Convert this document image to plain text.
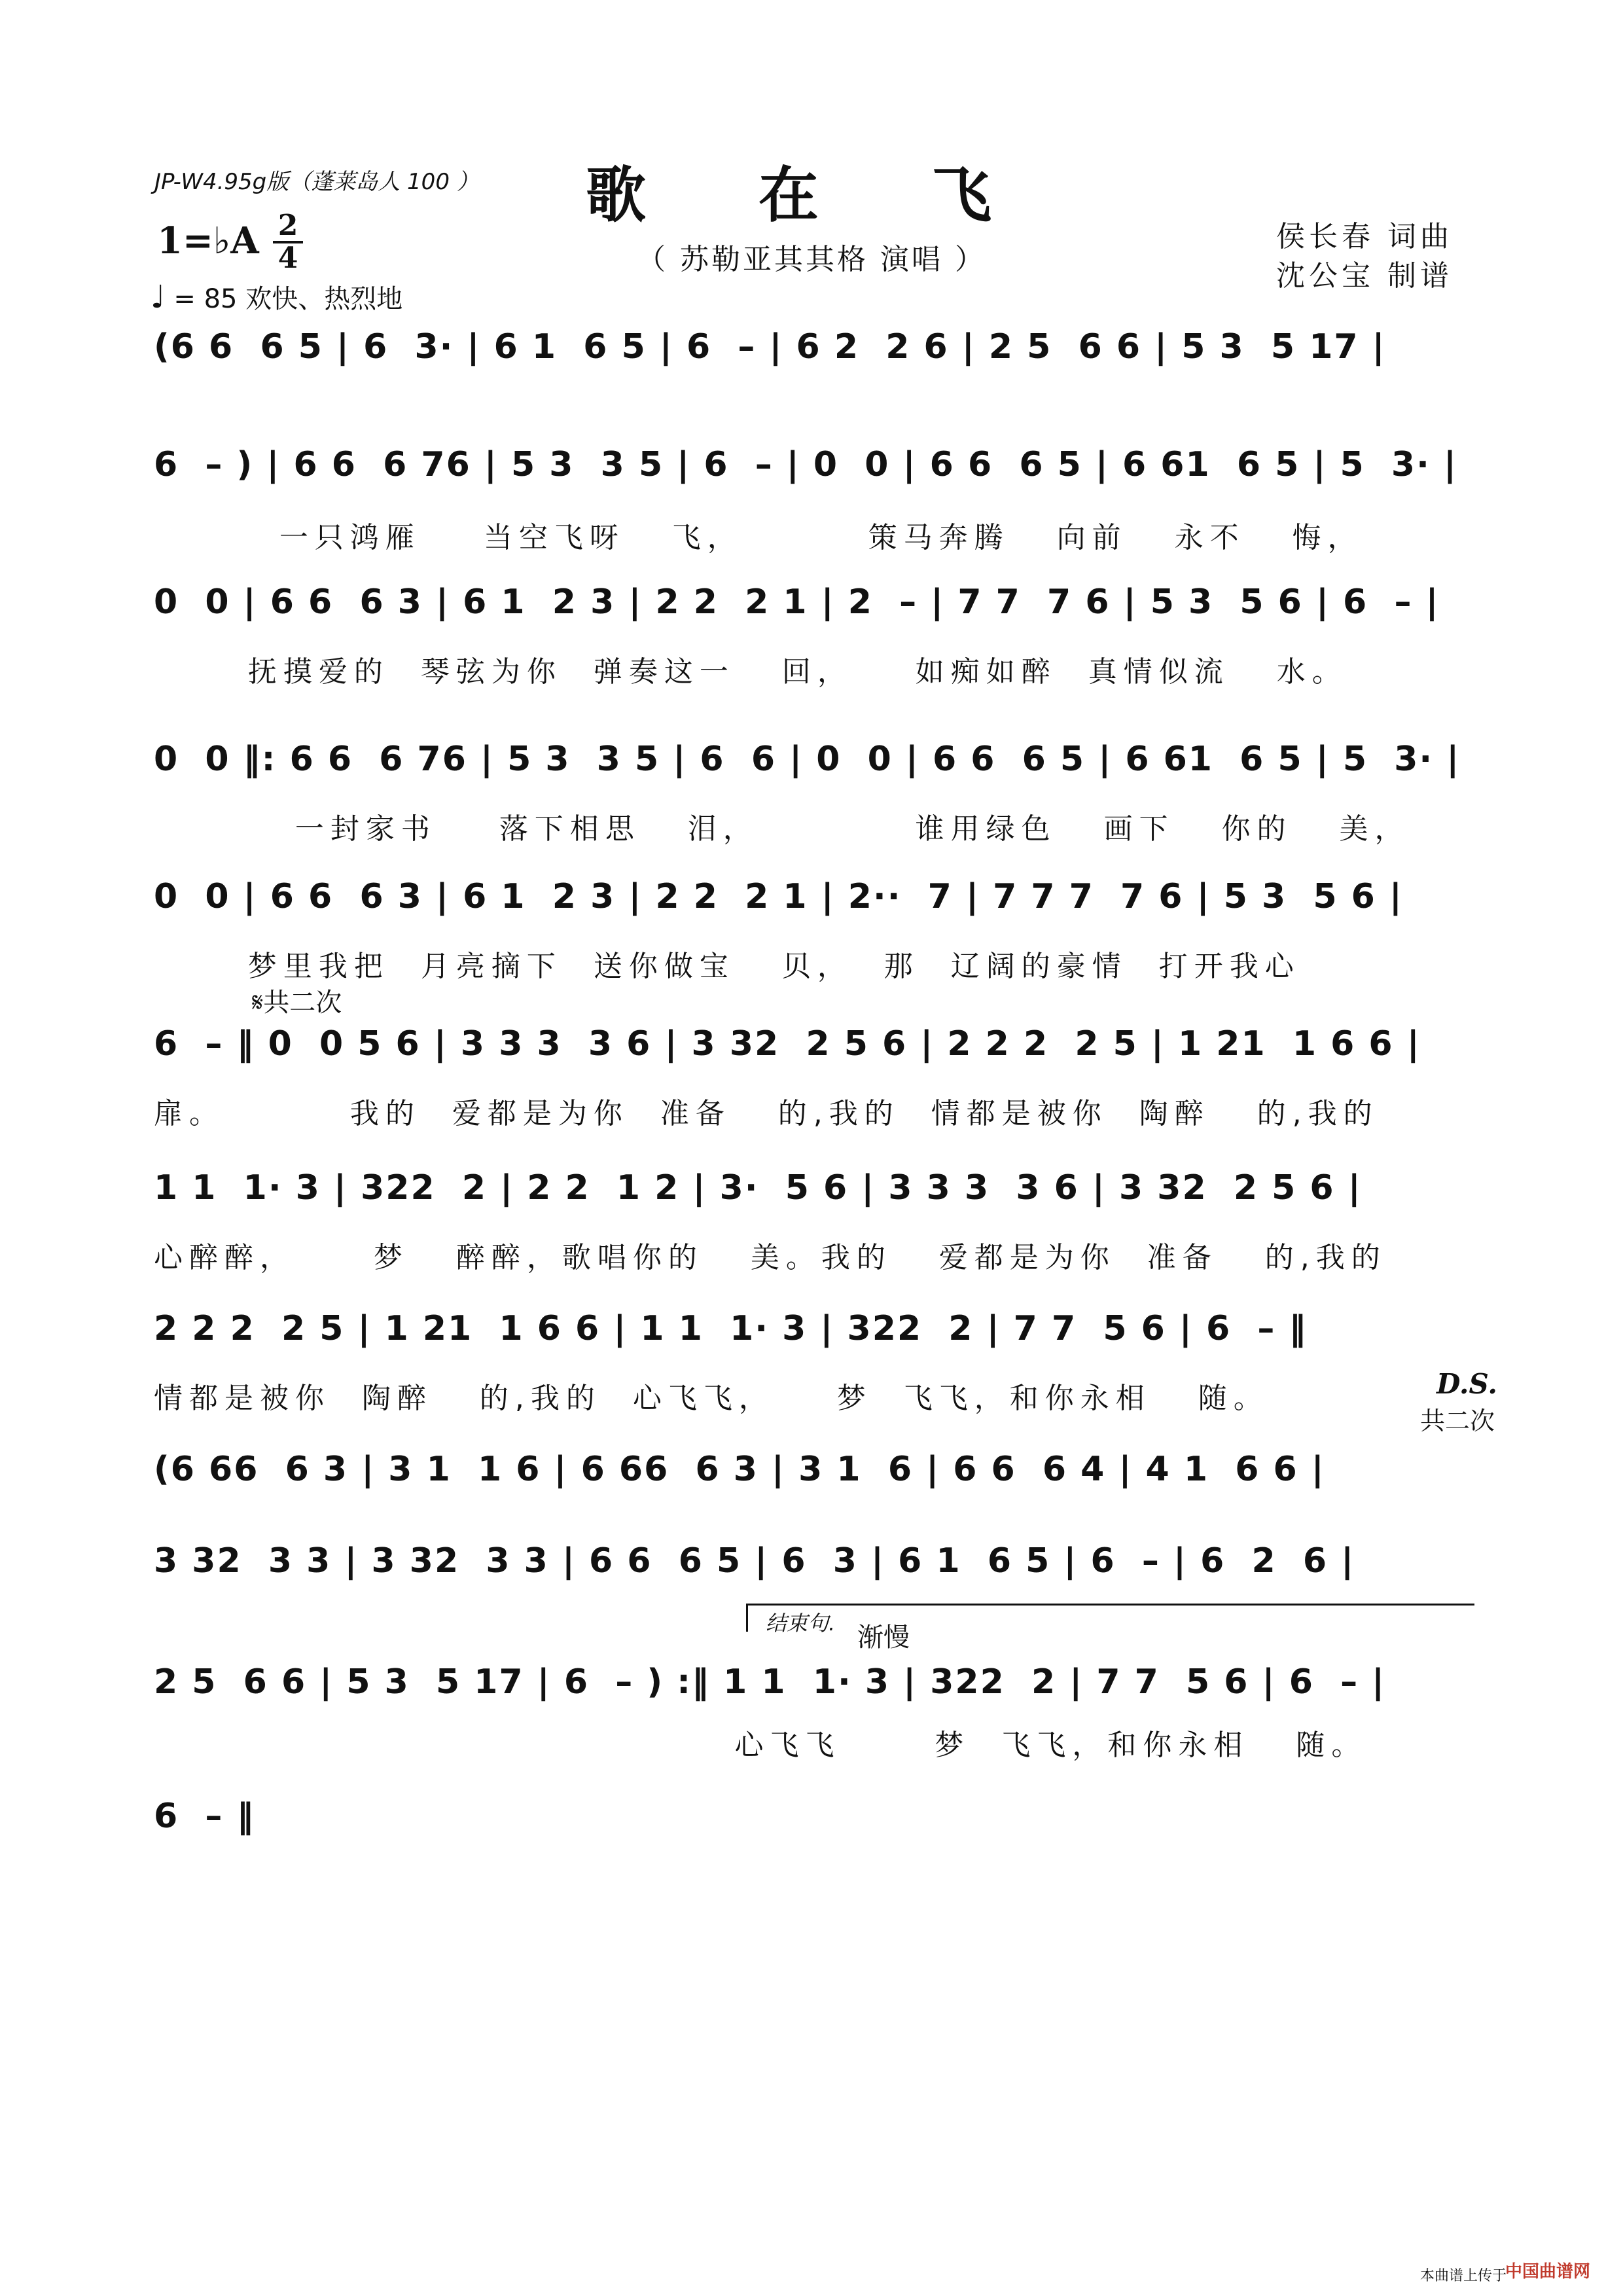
JP-W4.95g版（蓬莱岛人 100 ）	歌 在 飞
（ 苏勒亚其其格 演唱 ）
侯长春 词曲
沈公宝 制谱
1=♭A 2
4
♩ = 85 欢快、热烈地
(6 6  6 5 | 6  3· | 6 1  6 5 | 6  – | 6 2  2 6 | 2 5  6 6 | 5 3  5 17 |
6  – ) | 6 6  6 76 | 5 3  3 5 | 6  – | 0  0 | 6 6  6 5 | 6 61  6 5 | 5  3· |
一只鸿雁    当空飞呀   飞，        策马奔腾   向前   永不   悔，
0  0 | 6 6  6 3 | 6 1  2 3 | 2 2  2 1 | 2  – | 7 7  7 6 | 5 3  5 6 | 6  – |
抚摸爱的  琴弦为你  弹奏这一   回，    如痴如醉  真情似流   水。
0  0 ‖: 6 6  6 76 | 5 3  3 5 | 6  6 | 0  0 | 6 6  6 5 | 6 61  6 5 | 5  3· |
一封家书    落下相思   泪，          谁用绿色   画下   你的   美，
0  0 | 6 6  6 3 | 6 1  2 3 | 2 2  2 1 | 2··  7 | 7 7 7  7 6 | 5 3  5 6 |
梦里我把  月亮摘下  送你做宝   贝，  那  辽阔的豪情  打开我心
𝄋共二次
6  – ‖ 0  0 5 6 | 3 3 3  3 6 | 3 32  2 5 6 | 2 2 2  2 5 | 1 21  1 6 6 |
扉。        我的  爱都是为你  准备   的,我的  情都是被你  陶醉   的,我的
1 1  1· 3 | 322  2 | 2 2  1 2 | 3·  5 6 | 3 3 3  3 6 | 3 32  2 5 6 |
心醉醉，     梦   醉醉，歌唱你的   美。我的   爱都是为你  准备   的,我的
2 2 2  2 5 | 1 21  1 6 6 | 1 1  1· 3 | 322  2 | 7 7  5 6 | 6  – ‖
情都是被你  陶醉   的,我的  心飞飞，    梦  飞飞，和你永相   随。	D.S.
共二次
(6 66  6 3 | 3 1  1 6 | 6 66  6 3 | 3 1  6 | 6 6  6 4 | 4 1  6 6 |
3 32  3 3 | 3 32  3 3 | 6 6  6 5 | 6  3 | 6 1  6 5 | 6  – | 6  2  6 |
结束句. 渐慢
2 5  6 6 | 5 3  5 17 | 6  – ) :‖ 1 1  1· 3 | 322  2 | 7 7  5 6 | 6  – |
心飞飞      梦  飞飞，和你永相   随。
6  – ‖
本曲谱上传于
中国曲谱网
